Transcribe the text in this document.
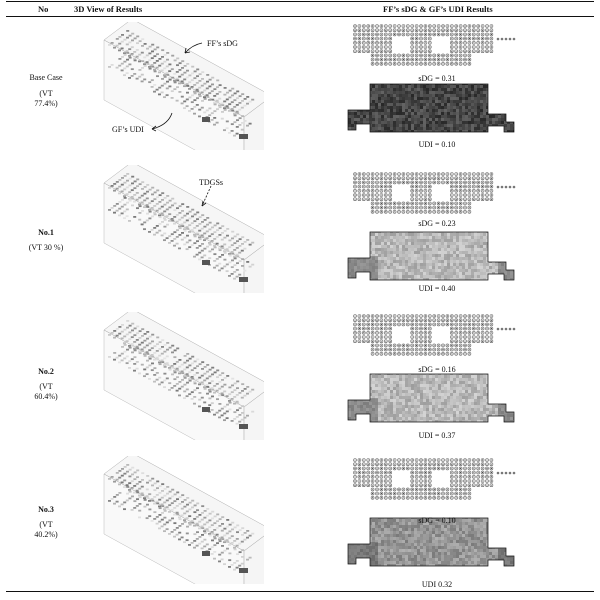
No	3D View of Results	FF’s sDG & GF’s UDI Results
Base Case
(VT
77.4%)
No.1
(VT 30 %)
No.2
(VT
60.4%)
No.3
(VT
40.2%)
FF’s sDG
GF’s UDI
TDGSs
sDG = 0.31
UDI = 0.10
sDG = 0.23
UDI = 0.40
sDG = 0.16
UDI = 0.37
sDG = 0.10
UDI 0.32
